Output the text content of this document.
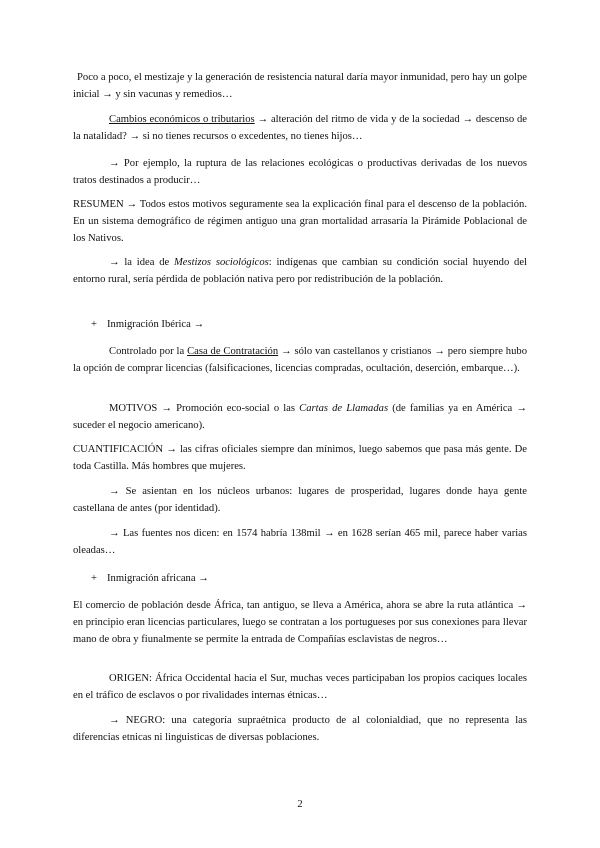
Poco a poco, el mestizaje y la generación de resistencia natural daría mayor inmunidad, pero hay un golpe inicial → y sin vacunas y remedios…

Cambios económicos o tributarios → alteración del ritmo de vida y de la sociedad → descenso de la natalidad? → si no tienes recursos o excedentes, no tienes hijos…

→ Por ejemplo, la ruptura de las relaciones ecológicas o productivas derivadas de los nuevos tratos destinados a producir…

RESUMEN → Todos estos motivos seguramente sea la explicación final para el descenso de la población. En un sistema demográfico de régimen antiguo una gran mortalidad arrasaría la Pirámide Poblacional de los Nativos.

→ la idea de Mestizos sociológicos: indígenas que cambian su condición social huyendo del entorno rural, sería pérdida de población nativa pero por redistribución de la población.

+ Inmigración Ibérica →

Controlado por la Casa de Contratación → sólo van castellanos y cristianos → pero siempre hubo la opción de comprar licencias (falsificaciones, licencias compradas, ocultación, deserción, embarque…).

MOTIVOS → Promoción eco-social o las Cartas de Llamadas (de familias ya en América → suceder el negocio americano).

CUANTIFICACIÓN → las cifras oficiales siempre dan mínimos, luego sabemos que pasa más gente. De toda Castilla. Más hombres que mujeres.

→ Se asientan en los núcleos urbanos: lugares de prosperidad, lugares donde haya gente castellana de antes (por identidad).

→ Las fuentes nos dicen: en 1574 habría 138mil → en 1628 serían 465 mil, parece haber varias oleadas…

+ Inmigración africana →

El comercio de población desde África, tan antiguo, se lleva a América, ahora se abre la ruta atlántica → en principio eran licencias particulares, luego se contratan a los portugueses por sus conexiones para llevar mano de obra y fiunalmente se permite la entrada de Compañías esclavistas de negros…

ORIGEN: África Occidental hacia el Sur, muchas veces participaban los propios caciques locales en el tráfico de esclavos o por rivalidades internas étnicas…

→ NEGRO: una categoría supraétnica producto de al colonialdiad, que no representa las diferencias etnicas ni linguisticas de diversas poblaciones.

2
